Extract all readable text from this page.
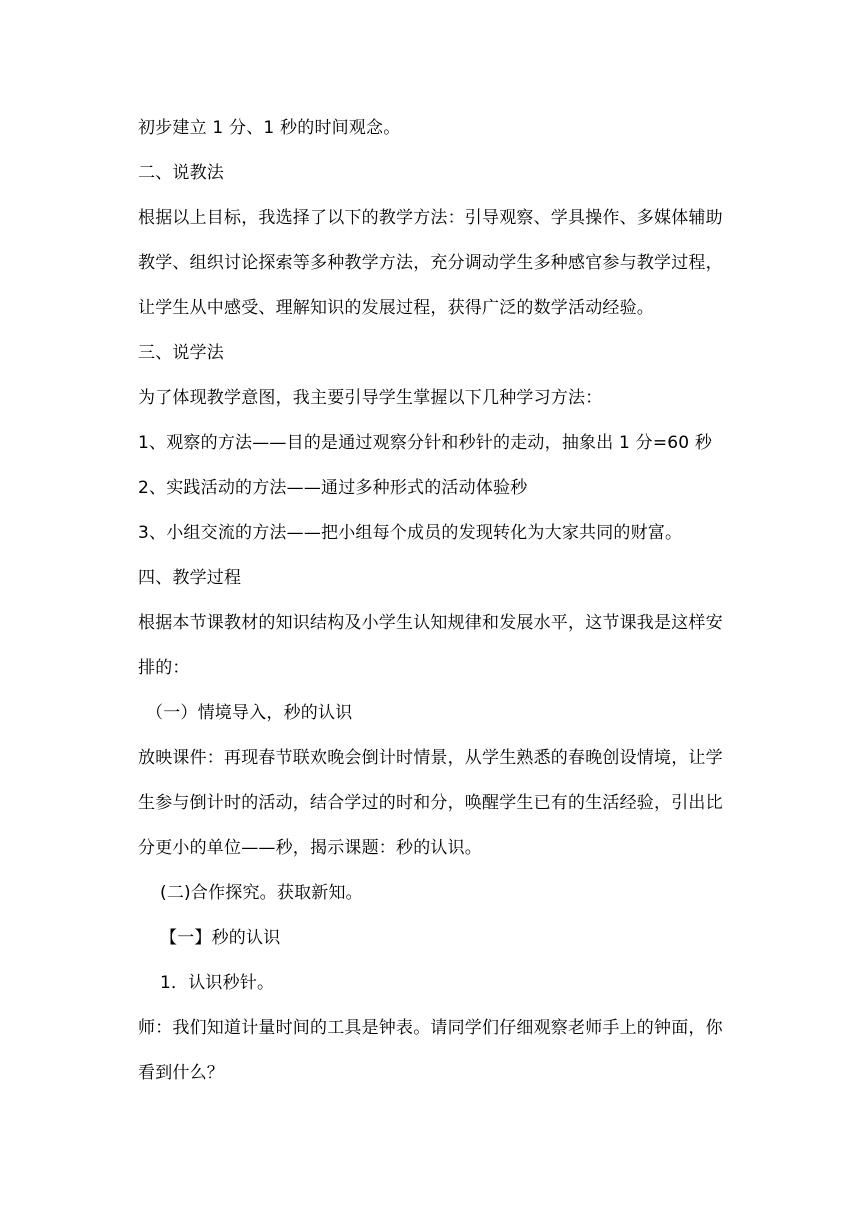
初步建立 1 分、1 秒的时间观念。
二、说教法
根据以上目标，我选择了以下的教学方法：引导观察、学具操作、多媒体辅助
教学、组织讨论探索等多种教学方法，充分调动学生多种感官参与教学过程，
让学生从中感受、理解知识的发展过程，获得广泛的数学活动经验。
三、说学法
为了体现教学意图，我主要引导学生掌握以下几种学习方法：
1、观察的方法——目的是通过观察分针和秒针的走动，抽象出 1 分=60 秒
2、实践活动的方法——通过多种形式的活动体验秒
3、小组交流的方法——把小组每个成员的发现转化为大家共同的财富。
四、教学过程
根据本节课教材的知识结构及小学生认知规律和发展水平，这节课我是这样安
排的：
（一）情境导入，秒的认识
放映课件：再现春节联欢晚会倒计时情景，从学生熟悉的春晚创设情境，让学
生参与倒计时的活动，结合学过的时和分，唤醒学生已有的生活经验，引出比
分更小的单位——秒，揭示课题：秒的认识。
(二)合作探究。获取新知。
【一】秒的认识
1．认识秒针。
师：我们知道计量时间的工具是钟表。请同学们仔细观察老师手上的钟面，你
看到什么？
